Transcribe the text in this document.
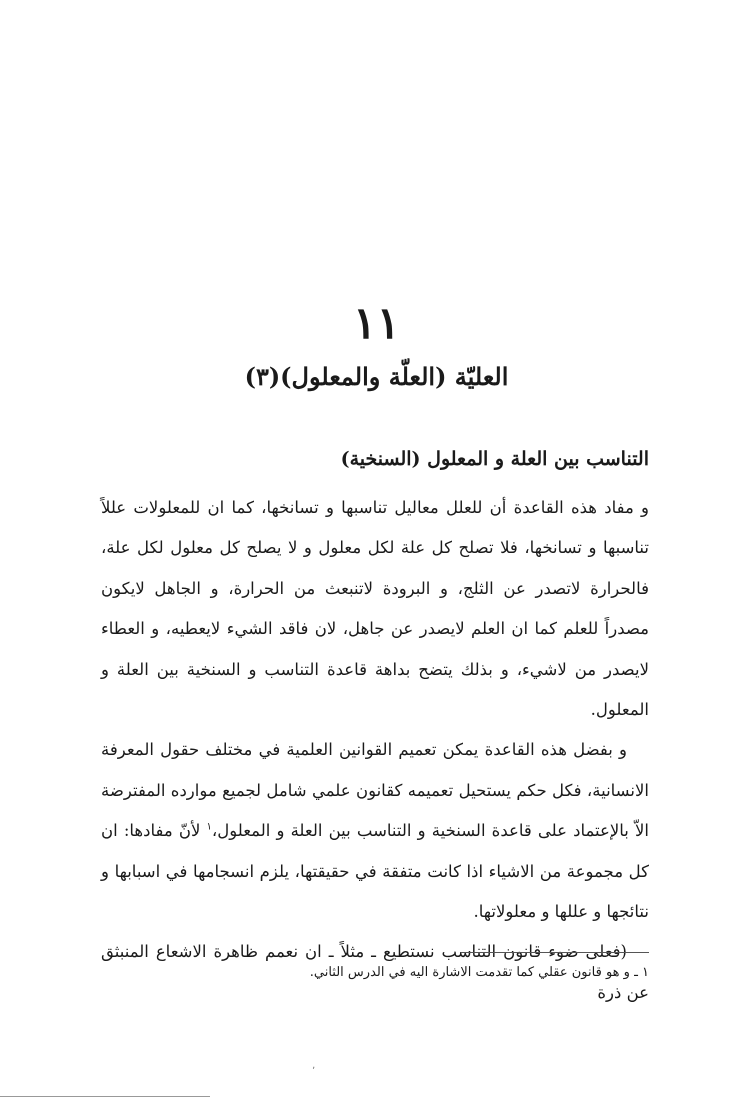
١١
العليّة (العلّة والمعلول)(٣)
التناسب بين العلة و المعلول (السنخية)

و مفاد هذه القاعدة أن للعلل معاليل تناسبها و تسانخها، كما ان للمعلولات عللاً تناسبها و تسانخها، فلا تصلح كل علة لكل معلول و لا يصلح كل معلول لكل علة، فالحرارة لاتصدر عن الثلج، و البرودة لاتنبعث من الحرارة، و الجاهل لايكون مصدراً للعلم كما ان العلم لايصدر عن جاهل، لان فاقد الشيء لايعطيه، و العطاء لايصدر من لاشيء، و بذلك يتضح بداهة قاعدة التناسب و السنخية بين العلة و المعلول.

و بفضل هذه القاعدة يمكن تعميم القوانين العلمية في مختلف حقول المعرفة الانسانية، فكل حكم يستحيل تعميمه كقانون علمي شامل لجميع موارده المفترضة الاّ بالإعتماد على قاعدة السنخية و التناسب بين العلة و المعلول،$^١$ لأنّ مفادها: ان كل مجموعة من الاشياء اذا كانت متفقة في حقيقتها، يلزم انسجامها في اسبابها و نتائجها و عللها و معلولاتها.

(فعلى ضوء قانون التناسب نستطيع ـ مثلاً ـ ان نعمم ظاهرة الاشعاع المنبثق عن ذرة

١ ـ و هو قانون عقلي كما تقدمت الاشارة اليه في الدرس الثاني.
٬
